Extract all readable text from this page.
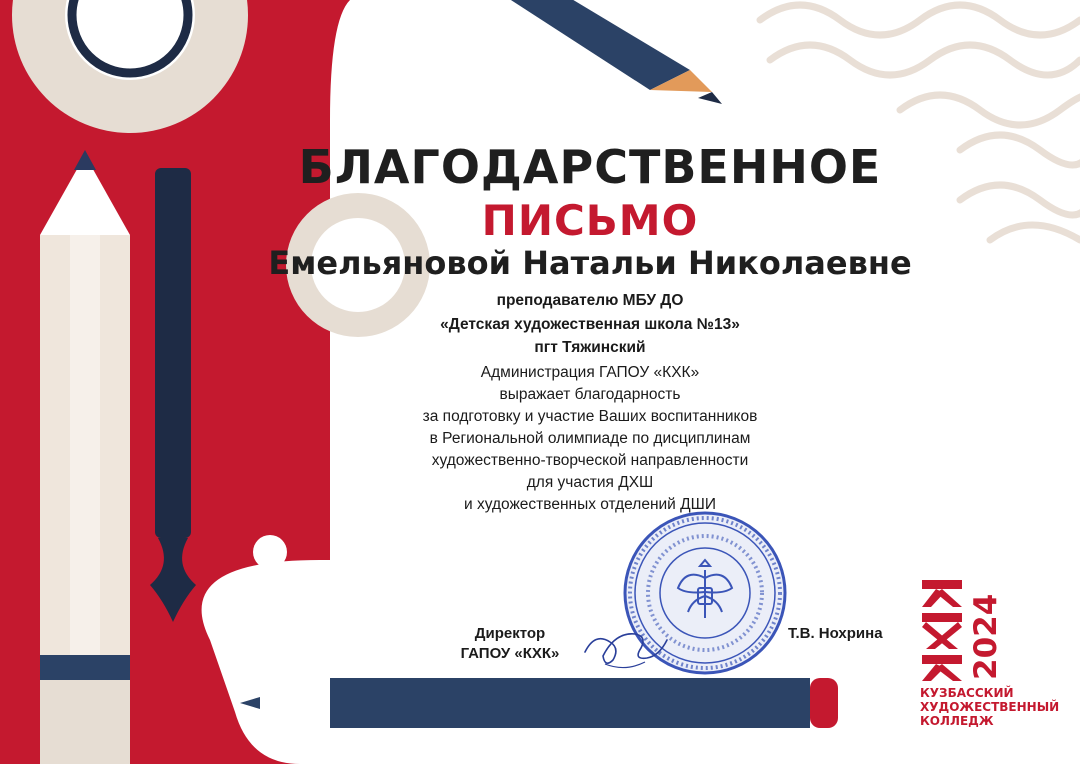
БЛАГОДАРСТВЕННОЕ
ПИСЬМО
Емельяновой Натальи Николаевне
преподавателю МБУ ДО
«Детская художественная школа №13»
пгт Тяжинский
Администрация ГАПОУ «КХК»
выражает благодарность
за подготовку и участие Ваших воспитанников
в Региональной олимпиаде по дисциплинам
художественно-творческой направленности
для участия ДХШ
и художественных отделений ДШИ
Директор
ГАПОУ «КХК»
Т.В. Нохрина	2024
КУЗБАССКИЙ
ХУДОЖЕСТВЕННЫЙ
КОЛЛЕДЖ
